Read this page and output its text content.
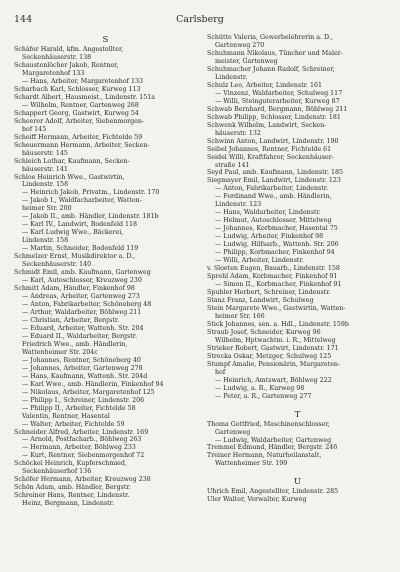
144	Carlsberg
S
Schäfer Harald, kfm. Angestellter,
Seckenhäuserstr. 138
Schaustenlöcher Jakob, Rentner,
Margaretenhof 133
— Hans, Arbeiter, Margaretenhof 133
Scharbach Karl, Schlosser, Kurweg 113
Schardt Albert, Hausmeist., Lindenstr. 151a
— Wilhelm, Rentner, Gartenweg 268
Schappert Georg, Gastwirt, Kurweg 54
Scheerer Adolf, Arbeiter, Siebenmorgen-
hof 145
Scheiff Hermann, Arbeiter, Fichtelde 59
Scheuermann Hermann, Arbeiter, Secken-
häuserstr. 145
Schleich Lothar, Kaufmann, Secken-
häuserstr. 141
Schloe Heinrich Wwe., Gastwirtin,
Lindenstr. 158
— Heinrich Jakob, Privatm., Lindenstr. 170
— Jakob I., Waldfacharbeiter, Watten-
heimer Str. 200
— Jakob II., amb. Händler, Lindenstr. 181b
— Karl IV., Landwirt, Bodenfeld 118
— Karl Ludwig Wwe., Bäckerei,
Lindenstr. 158
— Martin, Schneider, Bodenfeld 119
Schmelzer Ernst, Musikdirektor a. D.,
Seckenhäuserstr. 140
Schmidt Emil, amb. Kaufmann, Gartenweg
— Karl, Autoschlosser, Kreuzweg 230
Schmitt Adam, Händler, Finkenhof 98
— Andreas, Arbeiter, Gartenweg 273
— Anton, Fabrikarbeiter, Schöneberg 48
— Arthur, Waldarbeiter, Böhlweg 211
— Christian, Arbeiter, Bergstr.
— Eduard, Arbeiter, Wattenh. Str. 204
— Eduard II., Waldarbeiter, Bergstr.
Friedrich Wwe., amb. Händlerin,
Wattenheimer Str. 204c
— Johannes, Rentner, Schöneberg 40
— Johannes, Arbeiter, Gartenweg 278
— Hans, Kaufmann, Wattenh. Str. 204d
— Karl Wwe., amb. Händlerin, Finkenhof 94
— Nikolaus, Arbeiter, Margaretenhof 125
— Philipp I., Schreiner, Lindenstr. 206
— Philipp II., Arbeiter, Fichtelde 58
Valentin, Rentner, Hasental
— Walter, Arbeiter, Fichtelde 59
Schneider Alfred, Arbeiter, Lindenstr. 169
— Arnold, Postfacharb., Böhlweg 263
— Hermann, Arbeiter, Böhlweg 233
— Kurt, Rentner, Siebenmorgenhof 72
Schöckel Heinrich, Kupferschmied,
Seckenhäuserhof 136
Schöfer Hermann, Arbeiter, Kreuzweg 238
Schön Adam, amb. Händler, Bergstr.
Schreiner Hans, Rentner, Lindenstr.
Heinz, Bergmann, Lindenstr.
Schütte Valeria, Gewerbelehrerin a. D.,
Gartenweg 270
Schuhmann Nikolaus, Tüncher und Maler-
meister, Gartenweg
Schuhmacher Johann Rudolf, Schreiner,
Lindenstr.
Schulz Leo, Arbeiter, Lindenstr. 161
— Vinzenz, Waldarbeiter, Schulweg 117
— Willi, Steinguterarbeiter, Kurweg 87
Schwab Bernhard, Bergmann, Böhlweg 211
Schwab Philipp, Schlosser, Lindenstr. 181
Schwenk Wilhelm, Landwirt, Secken-
häuserstr. 132
Schwinn Anton, Landwirt, Lindenstr. 190
Seibel Johannes, Rentner, Fichtelde 61
Seidel Willi, Kraftfahrer, Seckenhäuser-
straße 141
Seyd Paul, amb. Kaufmann, Lindenstr. 185
Siegmayer Emil, Landwirt, Lindenstr. 123
— Anton, Fabrikarbeiter, Lindenstr.
— Ferdinand Wwe., amb. Händlerin,
Lindenstr. 123
— Hans, Waldarbeiter, Lindenstr.
— Helmut, Autoschlosser, Mittelweg
— Johannes, Korbmacher, Hasental 75
— Ludwig, Arbeiter, Finkenhof 98
— Ludwig, Hilfsarb., Wattenh. Str. 206
— Philipp, Korbmacher, Finkenhof 94
— Willi, Arbeiter, Lindenstr.
v. Sloeten Eugen, Bauarb., Lindenstr. 158
Sprehl Adam, Korbmacher, Finkenhof 91
— Simon II., Korbmacher, Finkenhof 91
Spuhler Herbert, Schreiner, Lindenstr.
Stanz Franz, Landwirt, Schulweg
Stein Margarete Wwe., Gastwirtin, Watten-
heimer Str. 166
Stick Johannes, sen. a. Hdl., Lindenstr. 159b
Straub Josef, Schneider, Kurweg 96
Wilhelm, Hptwachtm. i. R., Mittelweg
Strieker Robert, Gastwirt, Lindenstr. 171
Strecka Oskar, Metzger, Schulweg 125
Stumpf Amalie, Pensionärin, Margareten-
hof
— Heinrich, Amtswart, Böhlweg 222
— Ludwig, a. R., Kurweg 98
— Peter, a. R., Gartenweg 277
T
Thoma Gottfried, Maschinenschlosser,
Gartenweg
— Ludwig, Waldarbeiter, Gartenweg
Tremmel Edmund, Händler, Bergstr. 246
Treiner Hermann, Naturheilanstalt,
Wattenheimer Str. 199
U
Uhrich Emil, Angestellter, Lindenstr. 285
Uler Walter, Verwalter, Kurweg
